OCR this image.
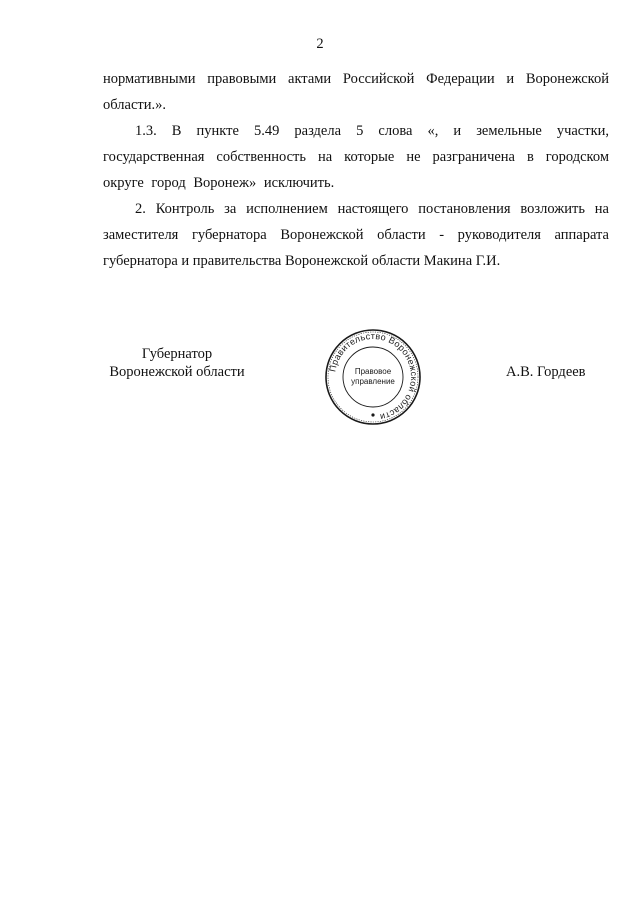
2

нормативными правовыми актами Российской Федерации и Воронежской области.».

1.3. В пункте 5.49 раздела 5 слова «, и земельные участки, государственная собственность на которые не разграничена в городском округе город Воронеж» исключить.

2. Контроль за исполнением настоящего постановления возложить на заместителя губернатора Воронежской области - руководителя аппарата губернатора и правительства Воронежской области Макина Г.И.

Губернатор
Воронежской области	Правительство Воронежской области
Правовое
управление
А.В. Гордеев
